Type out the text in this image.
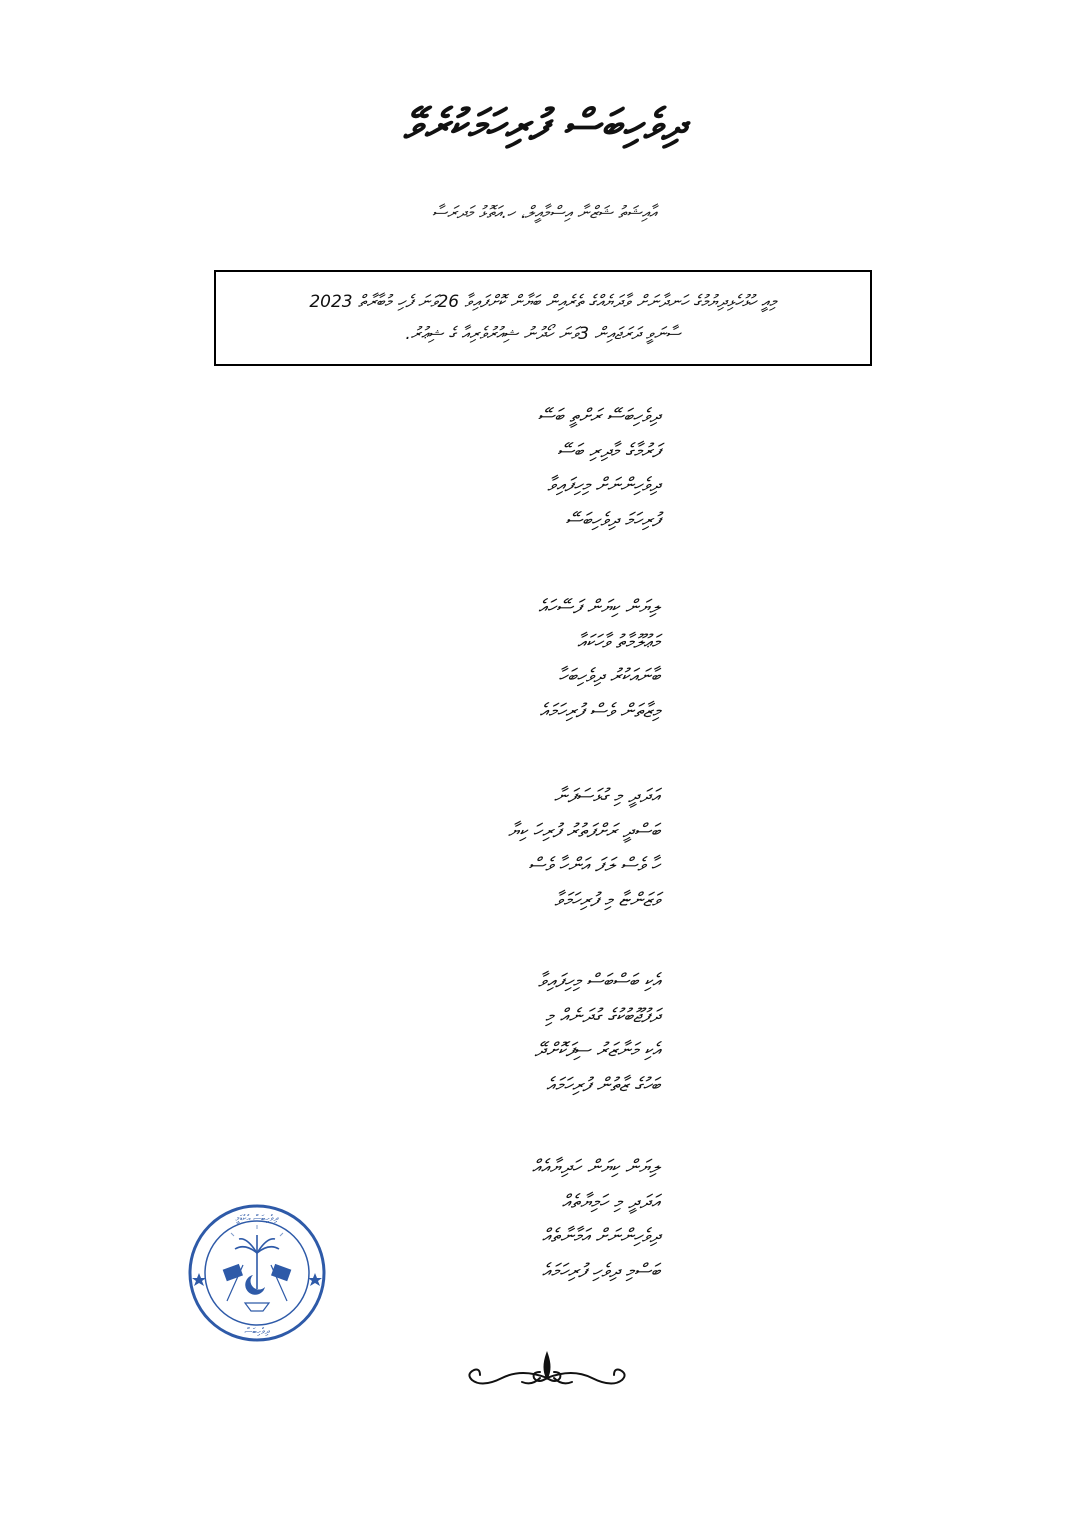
ދިވެހިބަސް ފުރިހަމަކުރެވޭ
އާއިޝަތު ޝަޒްނާ އިސްމާއީލް، ހ.އަތޮޅު މަދރަސާ
މިއީ ހުޅުހެޅިދިޔުމުގެ ހަނދާނަށް ވާދަޔެއްގެ ތެރެއިން ބަޔާން ކޮށްފައިވާ 26ވަނަ ފެހި މުބާރާތް 2023
ސާނަވީ ދަރަޖައިން 3ވަނަ ހޯދުނު ޝިއުރުވެރިއާ ގެ ޝިޢުރު.
ދިވެހިބަސޭ ރަށްތީ ބަސޭ
ފަރުމާގެ މާދިރި ބަސޭ
ދިވެހިންނަށް މިހިފައިވާ
ފުރިހަމަ ދިވެހިބަސޭ
ލިޔަން ކިޔަން ފަސޭހައެ
މަޢުލޫމާތު ވާހަކައާ
ބާނައަކުރު ދިވެހިބަހާ
މިޒާތަން ވެސް ފުރިހަމައެ
އަދަދީ މި ގުޅަސަފަނާ
ބަސްދީ ރަށްފަތުރު ފުރިހަ ކިޔާ
ހާ ވެސް ލަފަ އަންހާ ވެސް
ވަޒަންޏާ މި ފުރިހަމަވާ
އެކި ބަސްބަސް މިހިފައިވާ
ދަފުޖޫބުކުގެ ގުދަނެއް މި
އެކި މަނާޒަރު ސިފަކޮށްދޭ
ބަހުގެ ޒާތުން ފުރިހަމައެ
ލިޔަން ކިޔަން ހަދިޔާއެއް
އަދަދީ މި ހަމިޔާތެއް
ދިވެހިންނަށް އަމާނާތެއް
ބަސްމި ދިވެހި ފުރިހަމައެ
ދިވެހިބަސް އެކެޑަމީ
ދިވެހިބަސް
